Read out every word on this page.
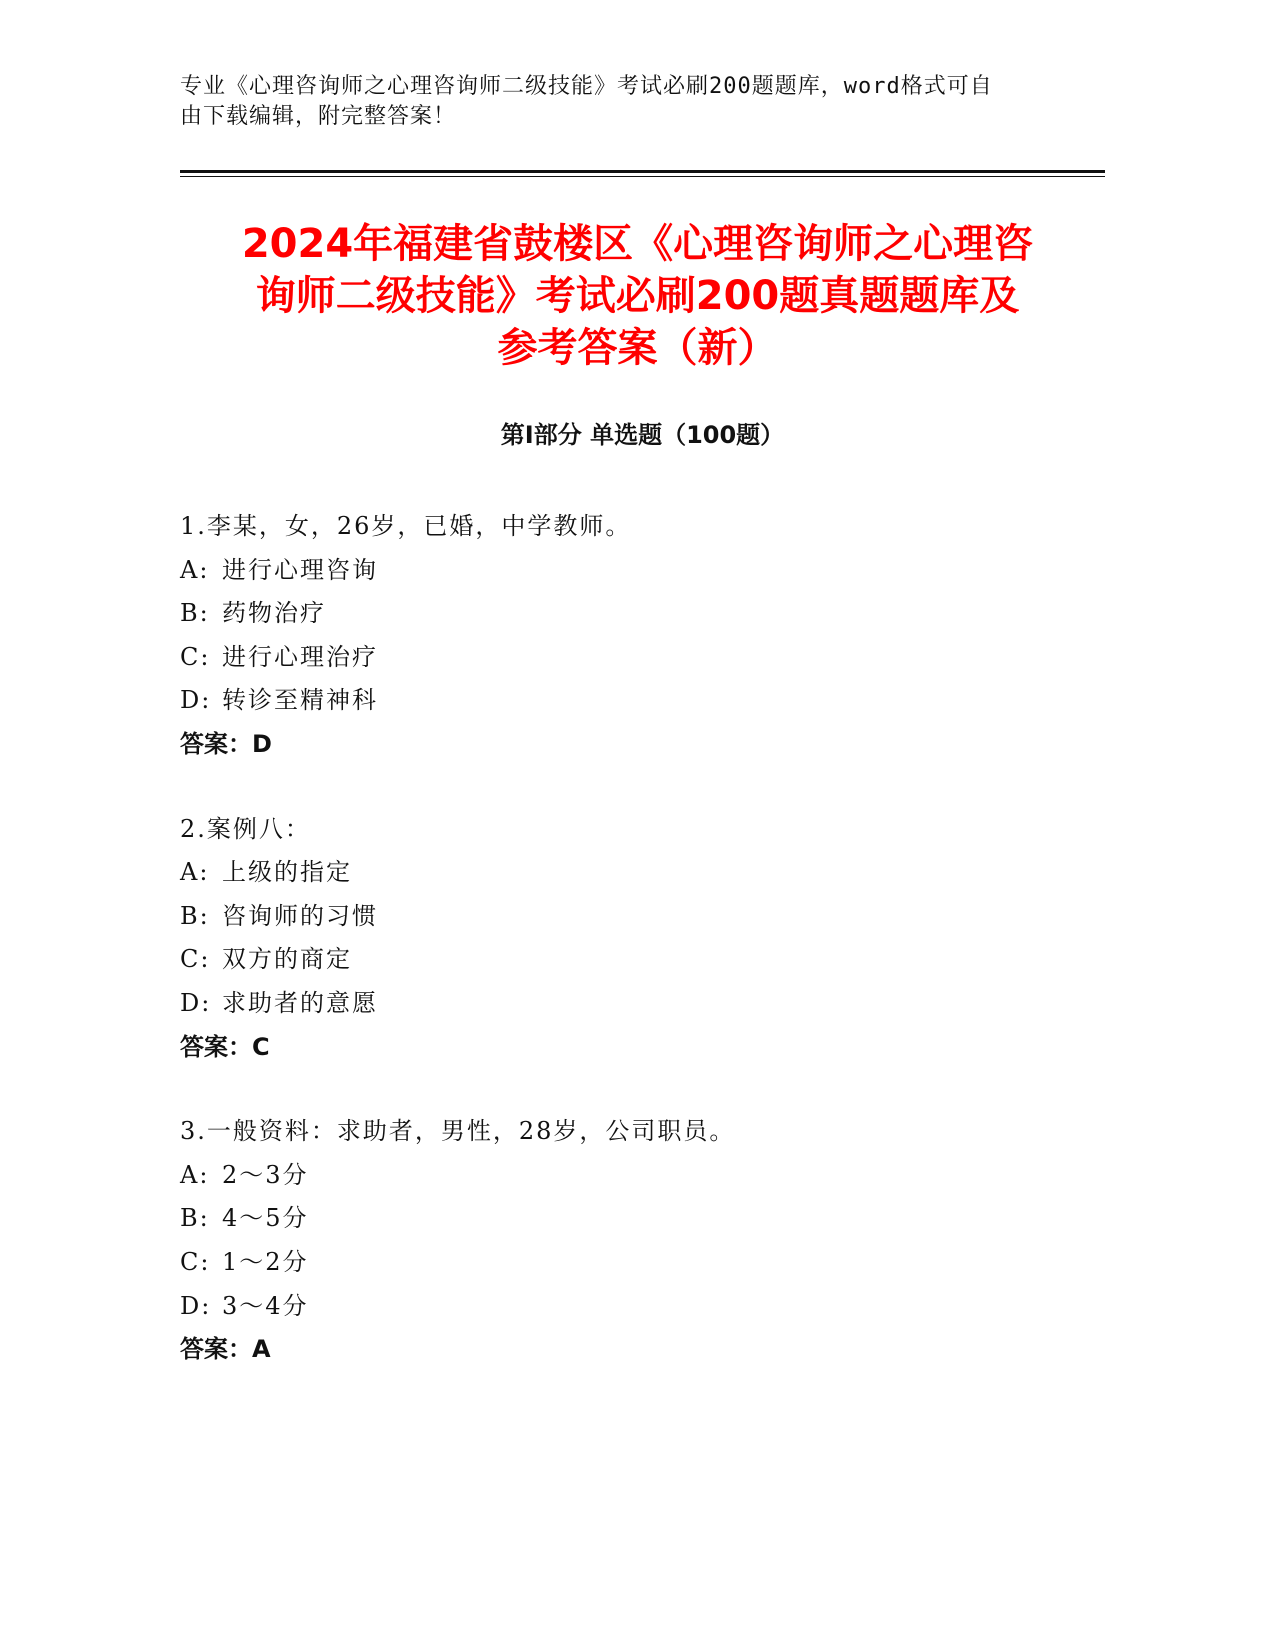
专业《心理咨询师之心理咨询师二级技能》考试必刷200题题库，word格式可自
由下载编辑，附完整答案！
2024年福建省鼓楼区《心理咨询师之心理咨
询师二级技能》考试必刷200题真题题库及
参考答案（新）
第Ⅰ部分 单选题（100题）
1.李某，女，26岁，已婚，中学教师。
A: 进行心理咨询
B: 药物治疗
C: 进行心理治疗
D: 转诊至精神科
答案：D
2.案例八：
A: 上级的指定
B: 咨询师的习惯
C: 双方的商定
D: 求助者的意愿
答案：C
3.一般资料：求助者，男性，28岁，公司职员。
A: 2～3分
B: 4～5分
C: 1～2分
D: 3～4分
答案：A
